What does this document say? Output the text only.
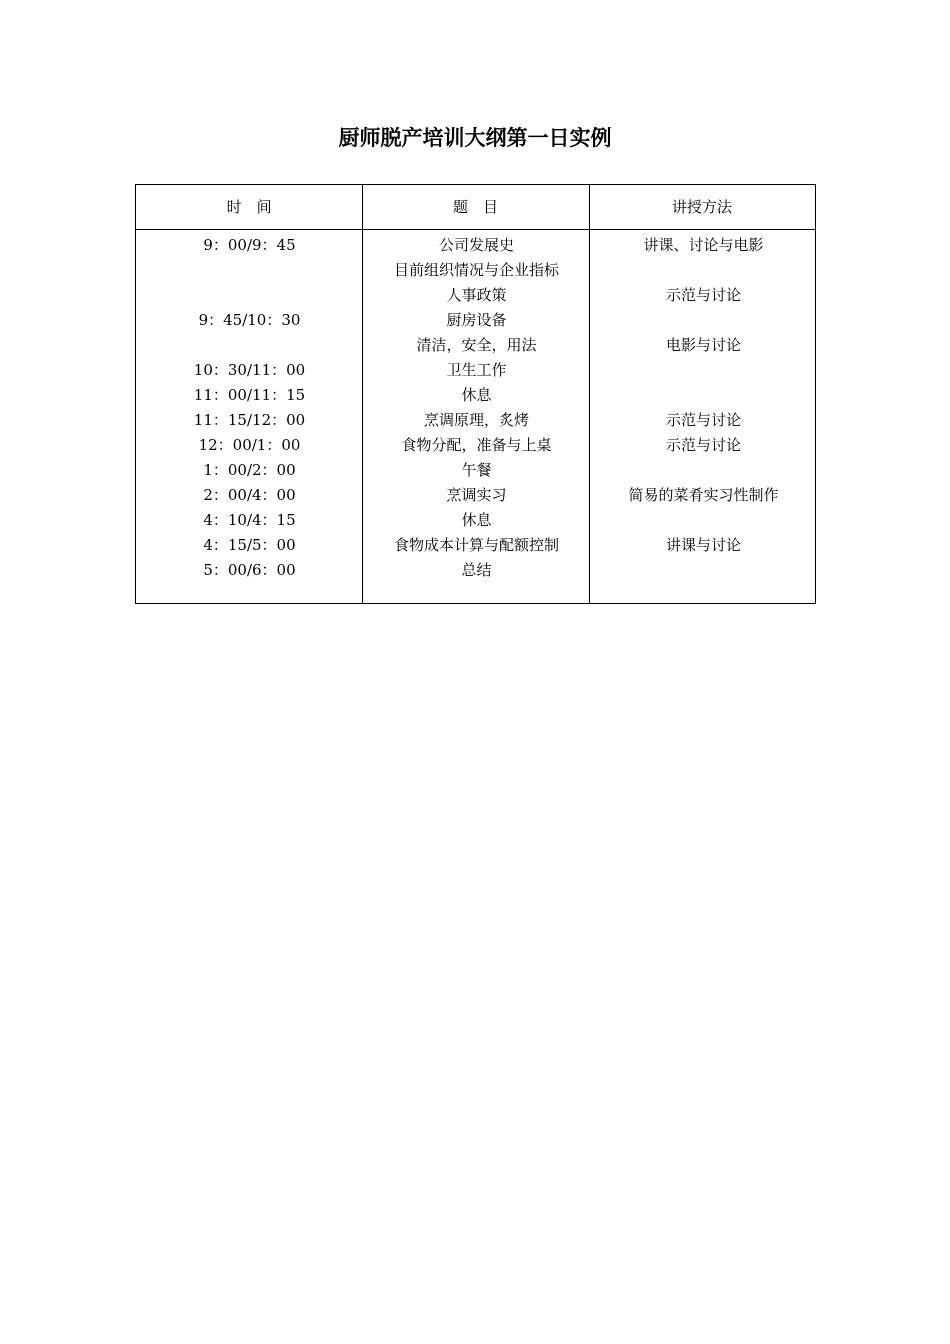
厨师脱产培训大纲第一日实例
时　间	题　目	讲授方法
9：00/9：45
9：45/10：30
10：30/11：00
11：00/11：15
11：15/12：00
12：00/1：00
1：00/2：00
2：00/4：00
4：10/4：15
4：15/5：00
5：00/6：00
公司发展史
目前组织情况与企业指标
人事政策
厨房设备
清洁，安全，用法
卫生工作
休息
烹调原理，炙烤
食物分配，准备与上桌
午餐
烹调实习
休息
食物成本计算与配额控制
总结
讲课、讨论与电影
示范与讨论
电影与讨论
示范与讨论
示范与讨论
简易的菜肴实习性制作
讲课与讨论
